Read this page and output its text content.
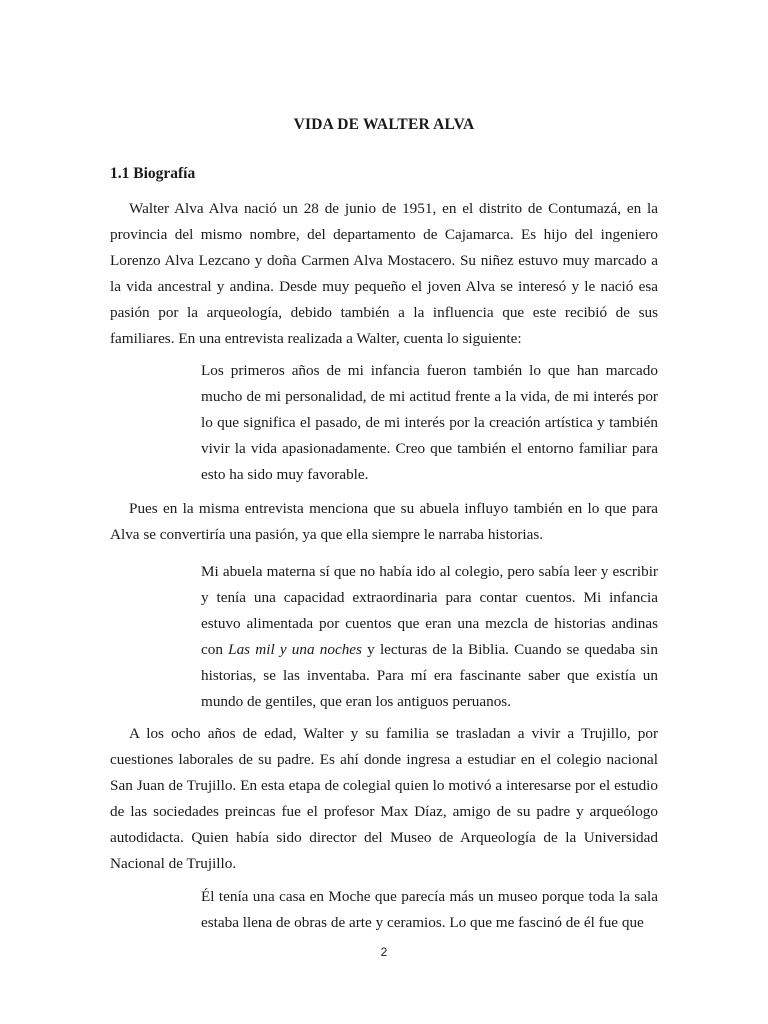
VIDA DE WALTER ALVA
1.1 Biografía

Walter Alva Alva nació un 28 de junio de 1951, en el distrito de Contumazá, en la provincia del mismo nombre, del departamento de Cajamarca. Es hijo del ingeniero Lorenzo Alva Lezcano y doña Carmen Alva Mostacero. Su niñez estuvo muy marcado a la vida ancestral y andina. Desde muy pequeño el joven Alva se interesó y le nació esa pasión por la arqueología, debido también a la influencia que este recibió de sus familiares. En una entrevista realizada a Walter, cuenta lo siguiente:

Los primeros años de mi infancia fueron también lo que han marcado mucho de mi personalidad, de mi actitud frente a la vida, de mi interés por lo que significa el pasado, de mi interés por la creación artística y también vivir la vida apasionadamente. Creo que también el entorno familiar para esto ha sido muy favorable.

Pues en la misma entrevista menciona que su abuela influyo también en lo que para Alva se convertiría una pasión, ya que ella siempre le narraba historias.

Mi abuela materna sí que no había ido al colegio, pero sabía leer y escribir y tenía una capacidad extraordinaria para contar cuentos. Mi infancia estuvo alimentada por cuentos que eran una mezcla de historias andinas con Las mil y una noches y lecturas de la Biblia. Cuando se quedaba sin historias, se las inventaba. Para mí era fascinante saber que existía un mundo de gentiles, que eran los antiguos peruanos.

A los ocho años de edad, Walter y su familia se trasladan a vivir a Trujillo, por cuestiones laborales de su padre. Es ahí donde ingresa a estudiar en el colegio nacional San Juan de Trujillo. En esta etapa de colegial quien lo motivó a interesarse por el estudio de las sociedades preincas fue el profesor Max Díaz, amigo de su padre y arqueólogo autodidacta. Quien había sido director del Museo de Arqueología de la Universidad Nacional de Trujillo.

Él tenía una casa en Moche que parecía más un museo porque toda la sala estaba llena de obras de arte y ceramios. Lo que me fascinó de él fue que

2
